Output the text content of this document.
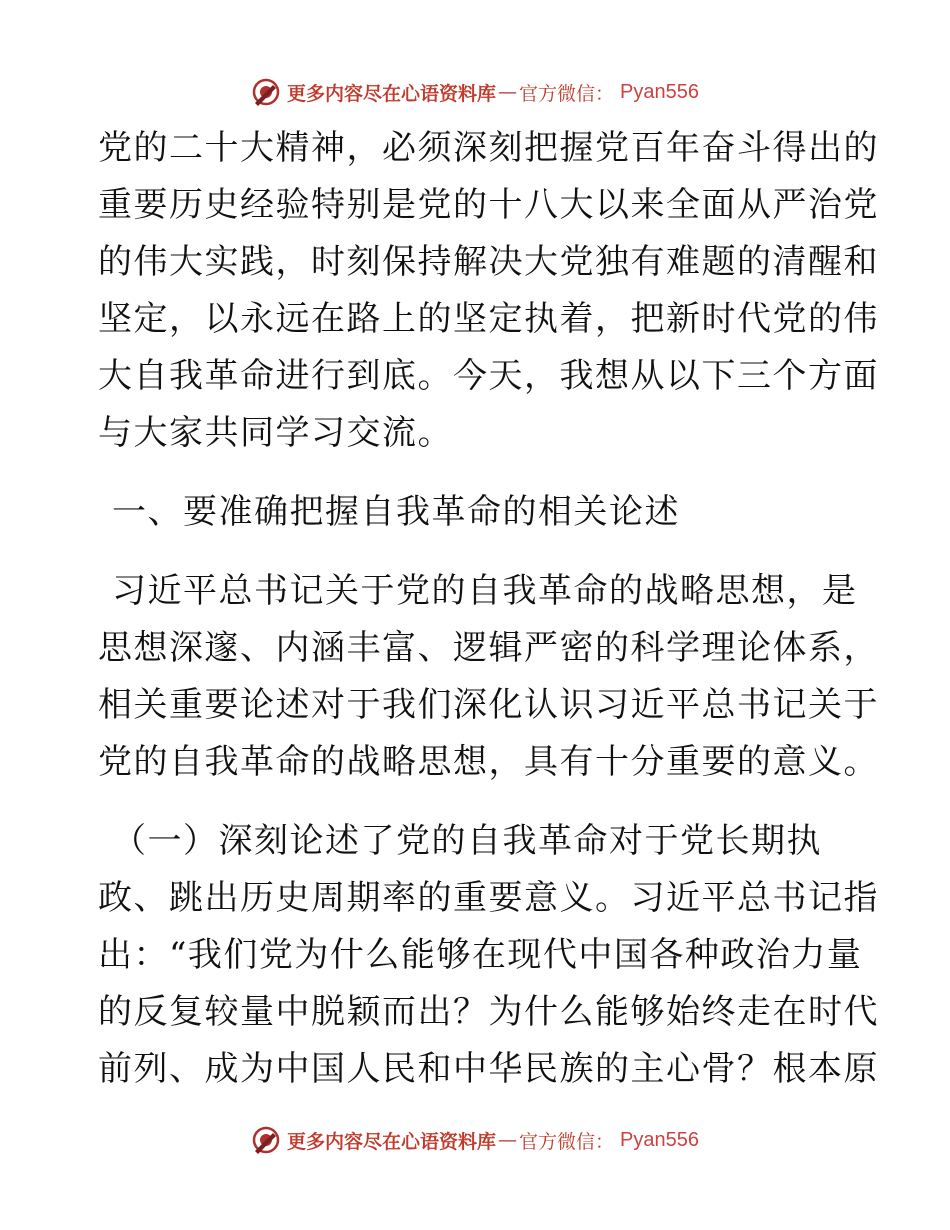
更多内容尽在心语资料库 — 官方微信： Pyan556
党的二十大精神，必须深刻把握党百年奋斗得出的
重要历史经验特别是党的十八大以来全面从严治党
的伟大实践，时刻保持解决大党独有难题的清醒和
坚定，以永远在路上的坚定执着，把新时代党的伟
大自我革命进行到底。今天，我想从以下三个方面
与大家共同学习交流。
一、要准确把握自我革命的相关论述
习近平总书记关于党的自我革命的战略思想，是
思想深邃、内涵丰富、逻辑严密的科学理论体系，
相关重要论述对于我们深化认识习近平总书记关于
党的自我革命的战略思想，具有十分重要的意义。
（一）深刻论述了党的自我革命对于党长期执
政、跳出历史周期率的重要意义。习近平总书记指
出：“我们党为什么能够在现代中国各种政治力量
的反复较量中脱颖而出？为什么能够始终走在时代
前列、成为中国人民和中华民族的主心骨？根本原
更多内容尽在心语资料库 — 官方微信： Pyan556
